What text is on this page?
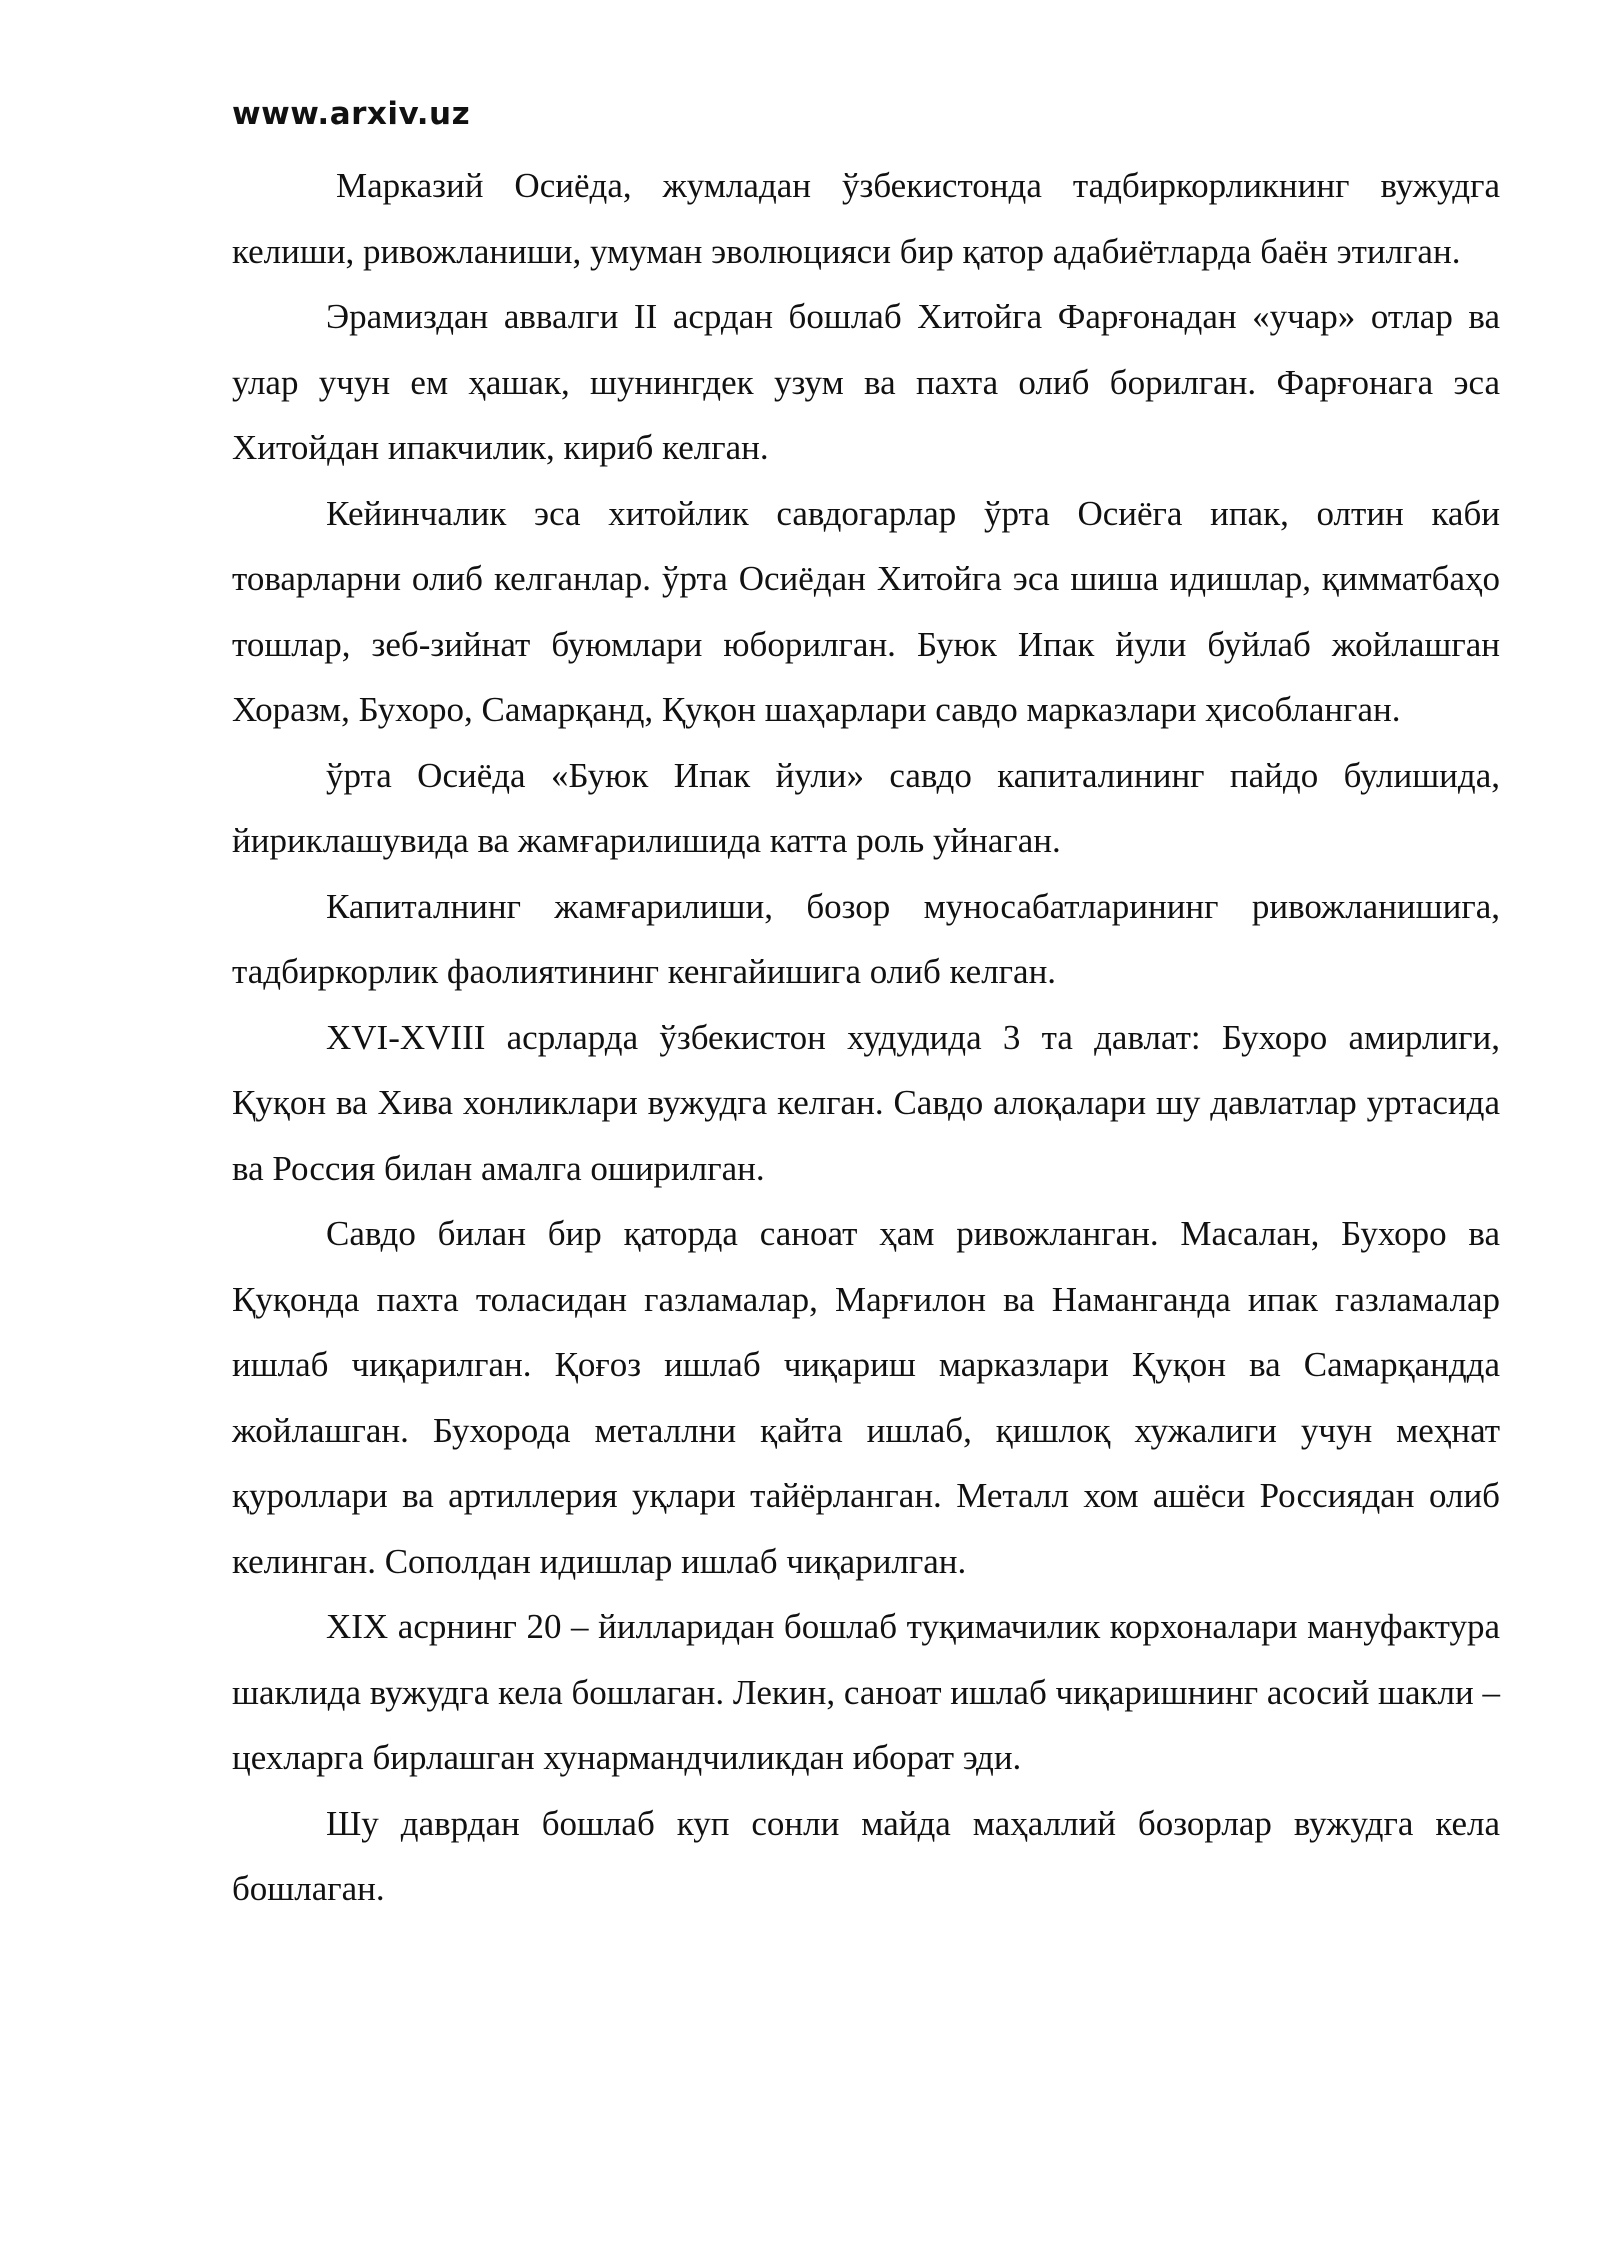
www.arxiv.uz

Марказий Осиёда, жумладан ўзбекистонда тадбиркорликнинг вужудга келиши, ривожланиши, умуман эволюцияси бир қатор адабиётларда баён этилган.

Эрамиздан аввалги II асрдан бошлаб Хитойга Фарғонадан «учар» отлар ва улар учун ем ҳашак, шунингдек узум ва пахта олиб борилган. Фарғонага эса Хитойдан ипакчилик, кириб келган.

Кейинчалик эса хитойлик савдогарлар ўрта Осиёга ипак, олтин каби товарларни олиб келганлар. ўрта Осиёдан Хитойга эса шиша идишлар, қимматбаҳо тошлар, зеб-зийнат буюмлари юборилган. Буюк Ипак йули буйлаб жойлашган Хоразм, Бухоро, Самарқанд, Қуқон шаҳарлари савдо марказлари ҳисобланган.

ўрта Осиёда «Буюк Ипак йули» савдо капиталининг пайдо булишида, йириклашувида ва жамғарилишида катта роль уйнаган.

Капиталнинг жамғарилиши, бозор муносабатларининг ривожланишига, тадбиркорлик фаолиятининг кенгайишига олиб келган.

XVI-XVIII асрларда ўзбекистон худудида 3 та давлат: Бухоро амирлиги, Қуқон ва Хива хонликлари вужудга келган. Савдо алоқалари шу давлатлар уртасида ва Россия билан амалга оширилган.

Савдо билан бир қаторда саноат ҳам ривожланган. Масалан, Бухоро ва Қуқонда пахта толасидан газламалар, Марғилон ва Наманганда ипак газламалар ишлаб чиқарилган. Қоғоз ишлаб чиқариш марказлари Қуқон ва Самарқандда жойлашган. Бухорода металлни қайта ишлаб, қишлоқ хужалиги учун меҳнат қуроллари ва артиллерия уқлари тайёрланган. Металл хом ашёси Россиядан олиб келинган. Сополдан идишлар ишлаб чиқарилган.

XIX асрнинг 20 – йилларидан бошлаб туқимачилик корхоналари мануфактура шаклида вужудга кела бошлаган. Лекин, саноат ишлаб чиқаришнинг асосий шакли – цехларга бирлашган хунармандчиликдан иборат эди.

Шу даврдан бошлаб куп сонли майда маҳаллий бозорлар вужудга кела бошлаган.
